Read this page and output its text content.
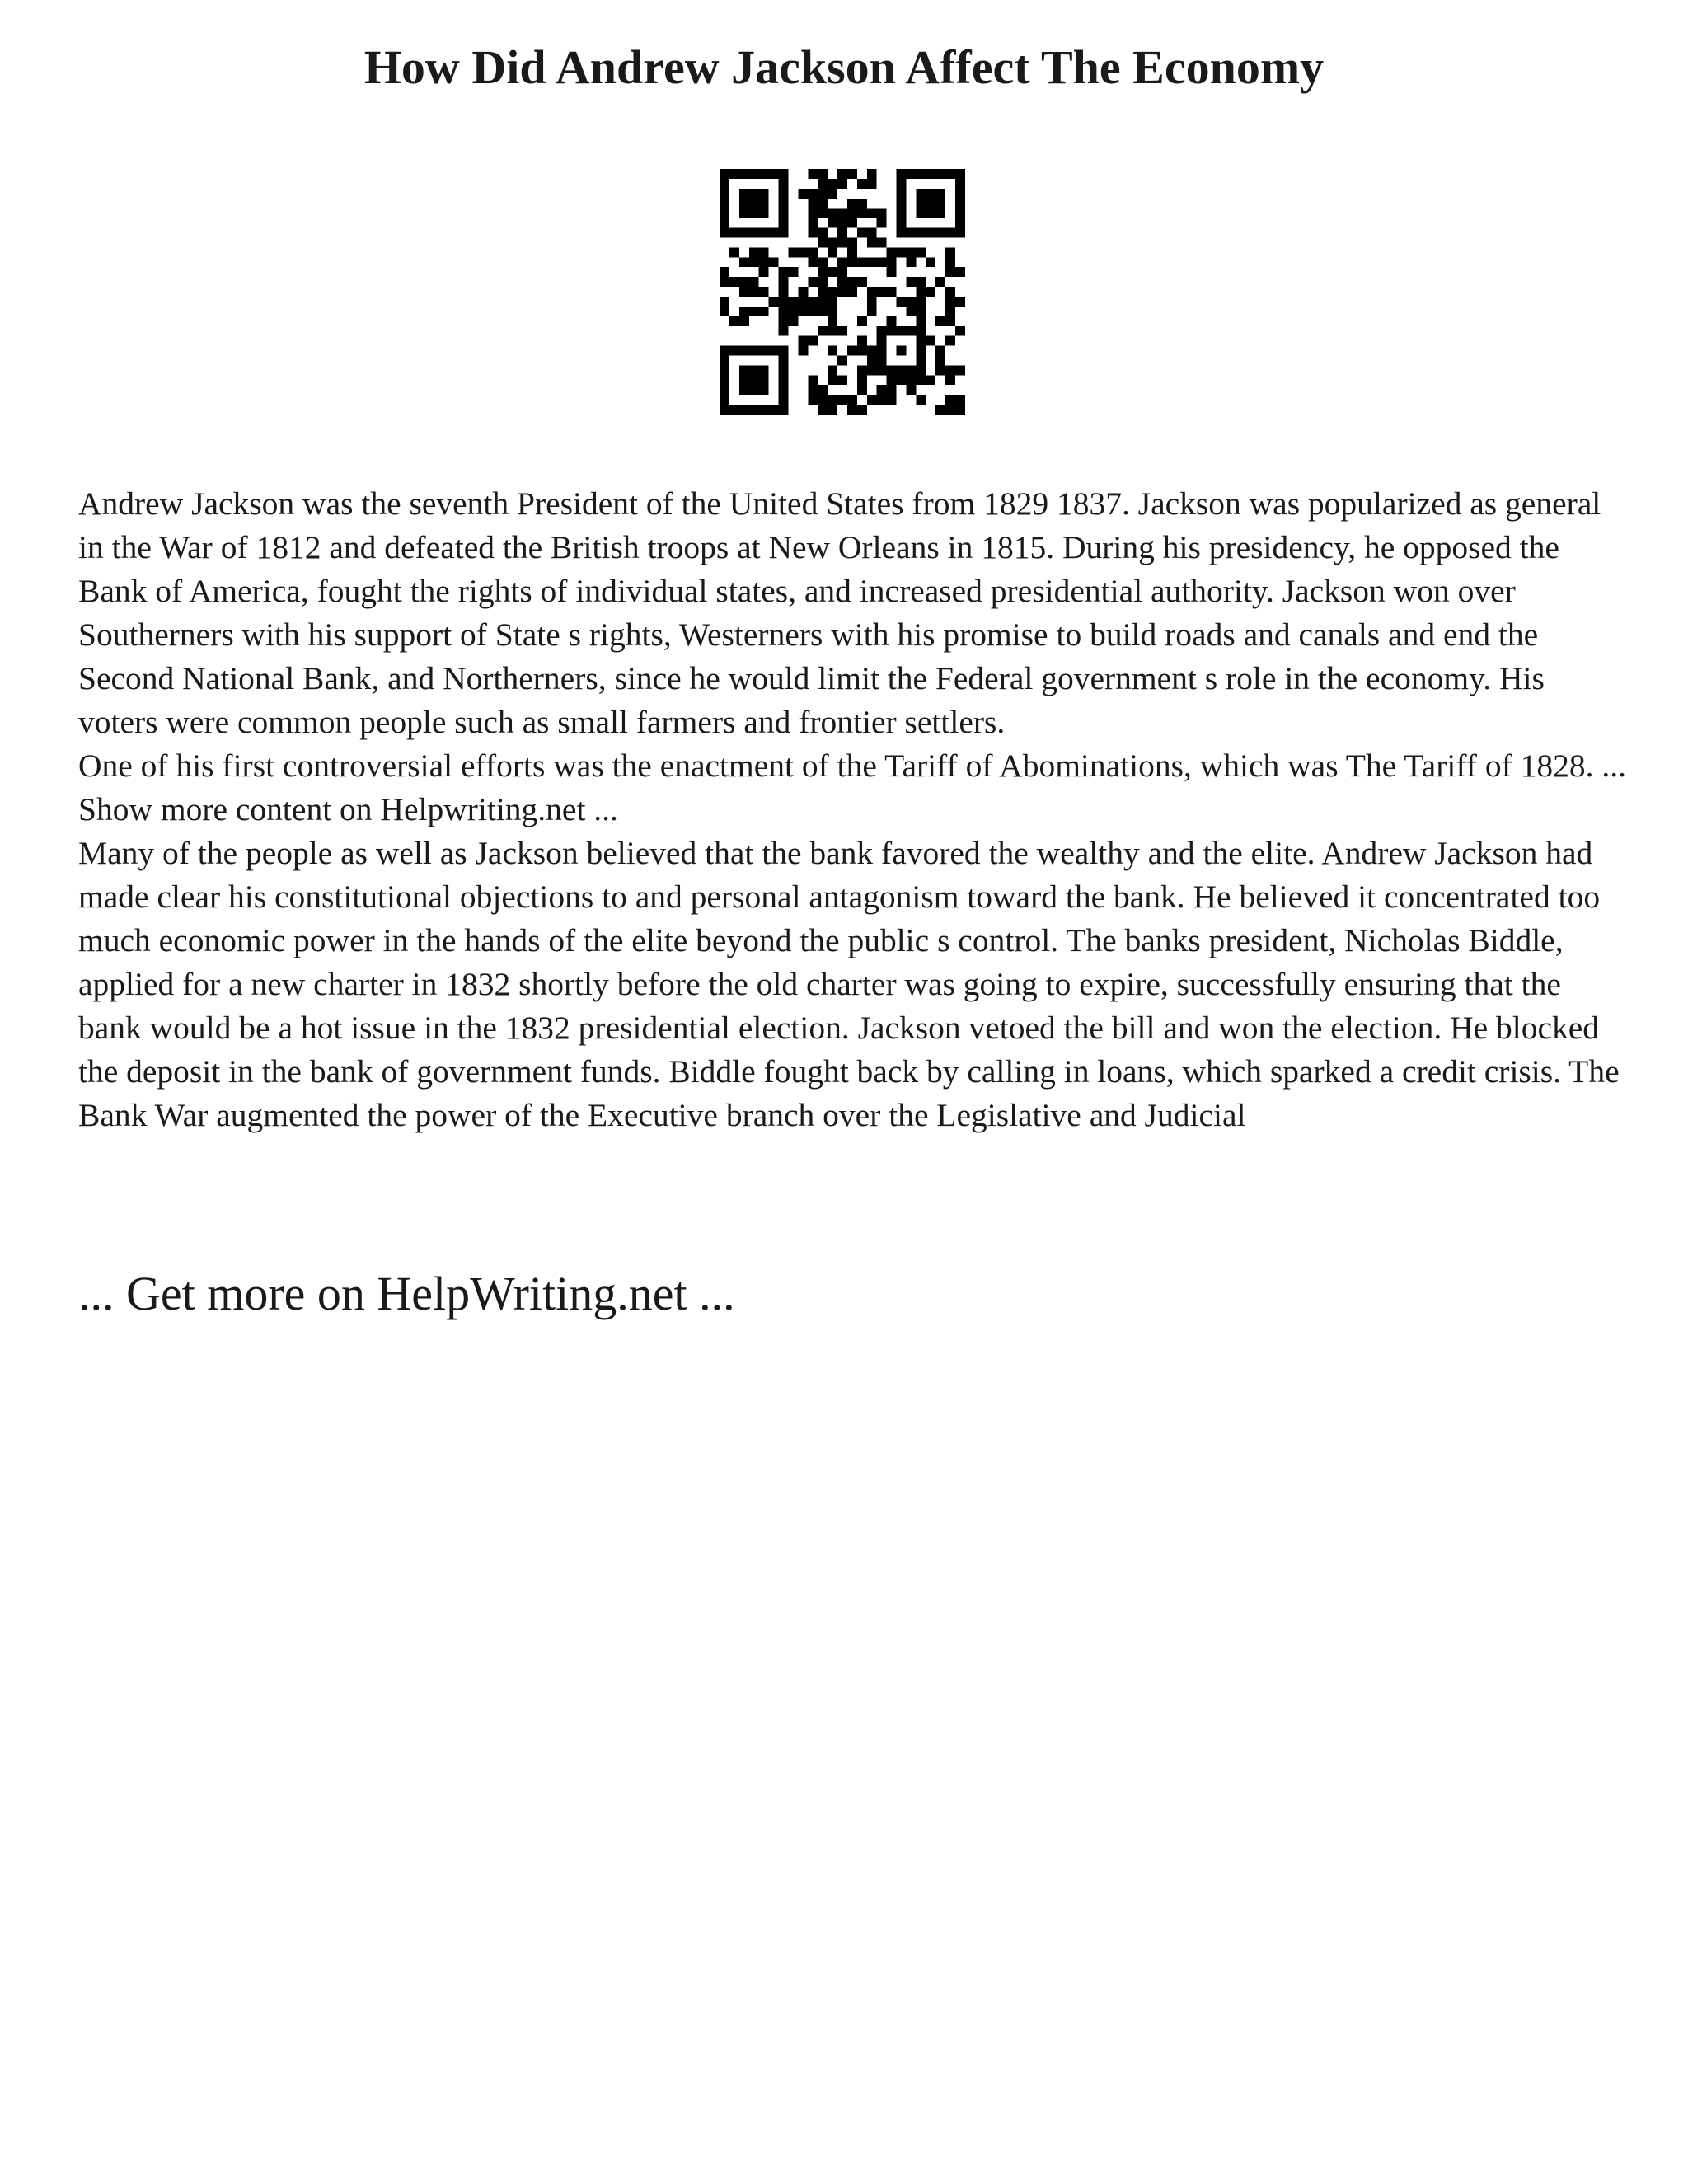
How Did Andrew Jackson Affect The Economy

Andrew Jackson was the seventh President of the United States from 1829 1837. Jackson was popularized as general in the War of 1812 and defeated the British troops at New Orleans in 1815. During his presidency, he opposed the Bank of America, fought the rights of individual states, and increased presidential authority. Jackson won over Southerners with his support of State s rights, Westerners with his promise to build roads and canals and end the Second National Bank, and Northerners, since he would limit the Federal government s role in the economy. His voters were common people such as small farmers and frontier settlers.

One of his first controversial efforts was the enactment of the Tariff of Abominations, which was The Tariff of 1828. ... Show more content on Helpwriting.net ...

Many of the people as well as Jackson believed that the bank favored the wealthy and the elite. Andrew Jackson had made clear his constitutional objections to and personal antagonism toward the bank. He believed it concentrated too much economic power in the hands of the elite beyond the public s control. The banks president, Nicholas Biddle, applied for a new charter in 1832 shortly before the old charter was going to expire, successfully ensuring that the bank would be a hot issue in the 1832 presidential election. Jackson vetoed the bill and won the election. He blocked the deposit in the bank of government funds. Biddle fought back by calling in loans, which sparked a credit crisis. The Bank War augmented the power of the Executive branch over the Legislative and Judicial

... Get more on HelpWriting.net ...
